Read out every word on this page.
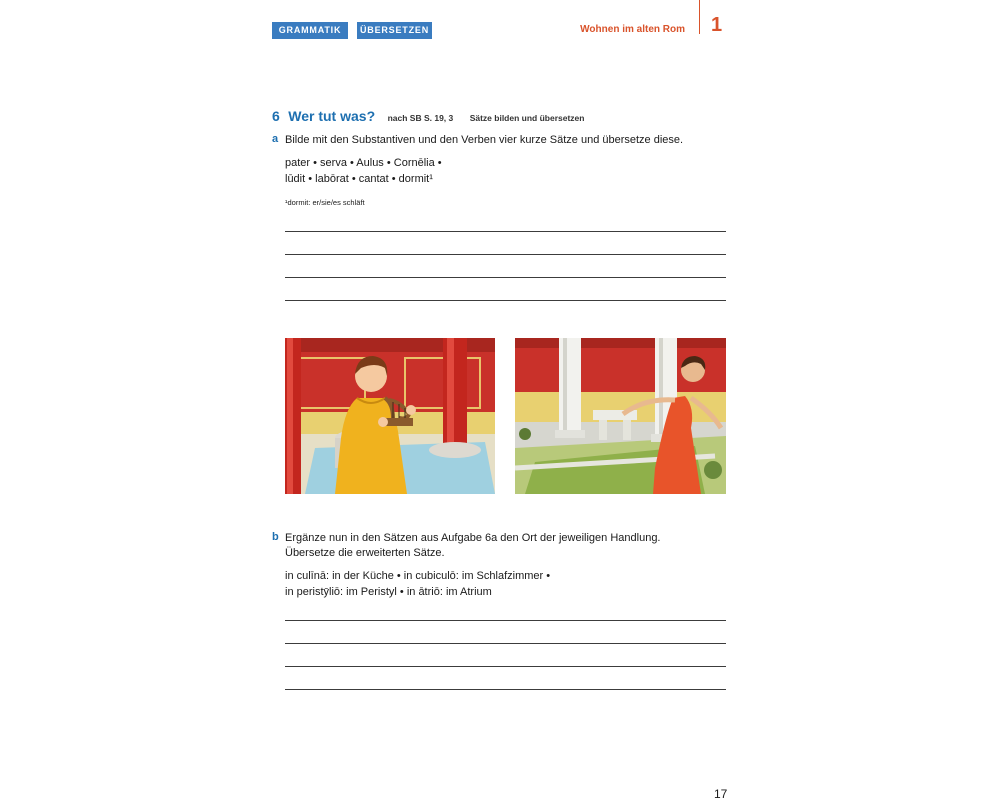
GRAMMATIK	ÜBERSETZEN	Wohnen im alten Rom 1
6 Wer tut was? nach SB S. 19, 3 Sätze bilden und übersetzen
a Bilde mit den Substantiven und den Verben vier kurze Sätze und übersetze diese.
pater • serva • Aulus • Cornēlia •
lūdit • labōrat • cantat • dormit¹
¹dormit: er/sie/es schläft
b Ergänze nun in den Sätzen aus Aufgabe 6a den Ort der jeweiligen Handlung.
Übersetze die erweiterten Sätze.
in culīnā: in der Küche • in cubiculō: im Schlafzimmer •
in peristȳliō: im Peristyl • in ātriō: im Atrium
17
